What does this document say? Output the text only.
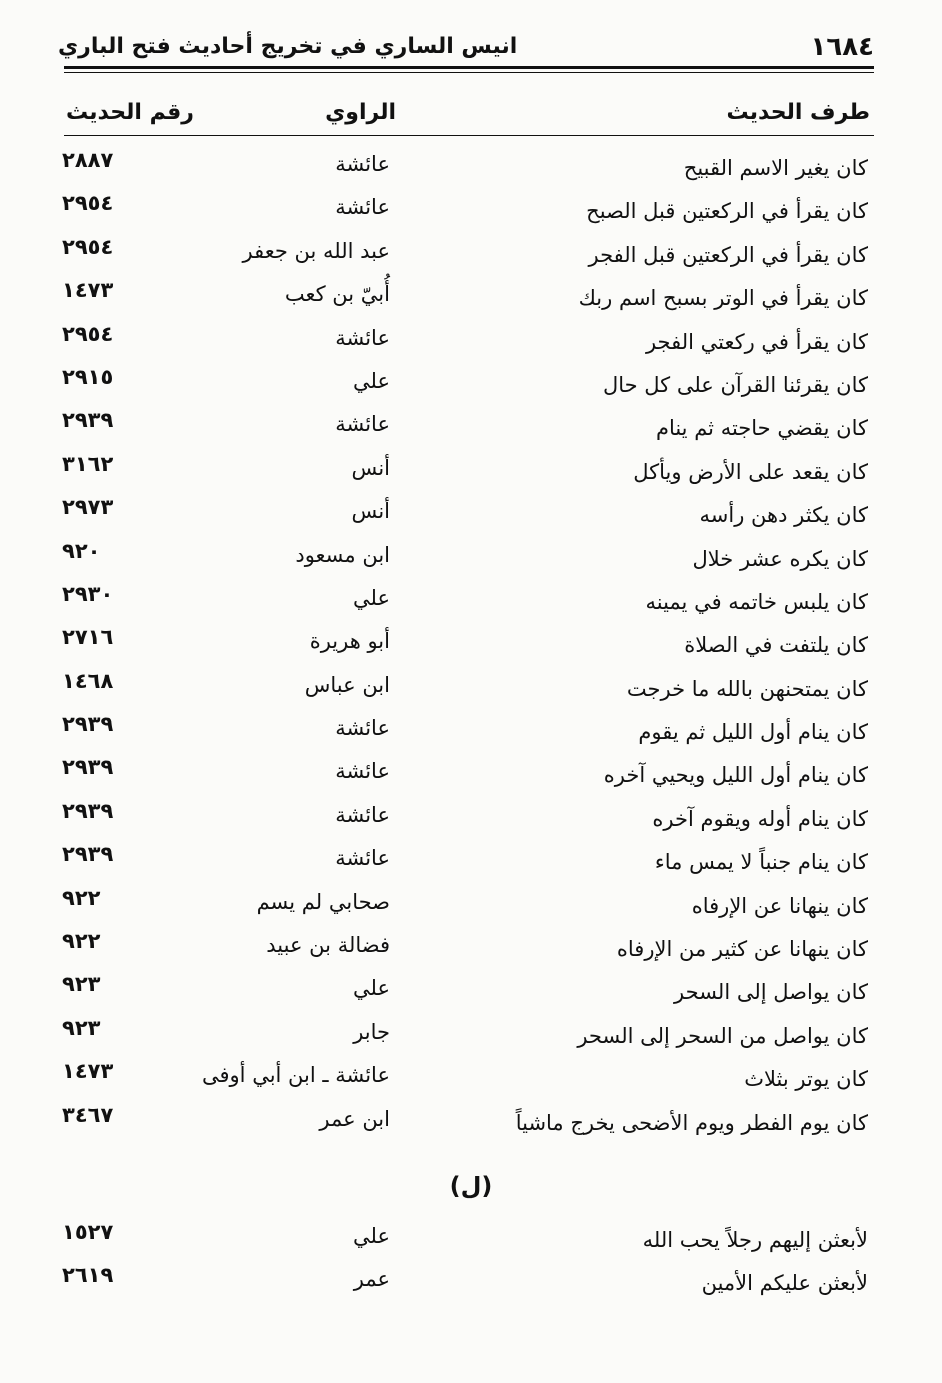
١٦٨٤
انيس الساري في تخريج أحاديث فتح الباري
طرف الحديث
الراوي
رقم الحديث
كان يغير الاسم القبيح
عائشة
٢٨٨٧
كان يقرأ في الركعتين قبل الصبح
عائشة
٢٩٥٤
كان يقرأ في الركعتين قبل الفجر
عبد الله بن جعفر
٢٩٥٤
كان يقرأ في الوتر بسبح اسم ربك
أُبيّ بن كعب
١٤٧٣
كان يقرأ في ركعتي الفجر
عائشة
٢٩٥٤
كان يقرئنا القرآن على كل حال
علي
٢٩١٥
كان يقضي حاجته ثم ينام
عائشة
٢٩٣٩
كان يقعد على الأرض ويأكل
أنس
٣١٦٢
كان يكثر دهن رأسه
أنس
٢٩٧٣
كان يكره عشر خلال
ابن مسعود
٩٢٠
كان يلبس خاتمه في يمينه
علي
٢٩٣٠
كان يلتفت في الصلاة
أبو هريرة
٢٧١٦
كان يمتحنهن بالله ما خرجت
ابن عباس
١٤٦٨
كان ينام أول الليل ثم يقوم
عائشة
٢٩٣٩
كان ينام أول الليل ويحيي آخره
عائشة
٢٩٣٩
كان ينام أوله ويقوم آخره
عائشة
٢٩٣٩
كان ينام جنباً لا يمس ماء
عائشة
٢٩٣٩
كان ينهانا عن الإرفاه
صحابي لم يسم
٩٢٢
كان ينهانا عن كثير من الإرفاه
فضالة بن عبيد
٩٢٢
كان يواصل إلى السحر
علي
٩٢٣
كان يواصل من السحر إلى السحر
جابر
٩٢٣
كان يوتر بثلاث
عائشة ـ ابن أبي أوفى
١٤٧٣
كان يوم الفطر ويوم الأضحى يخرج ماشياً
ابن عمر
٣٤٦٧
(ل)
لأبعثن إليهم رجلاً يحب الله
علي
١٥٢٧
لأبعثن عليكم الأمين
عمر
٢٦١٩
